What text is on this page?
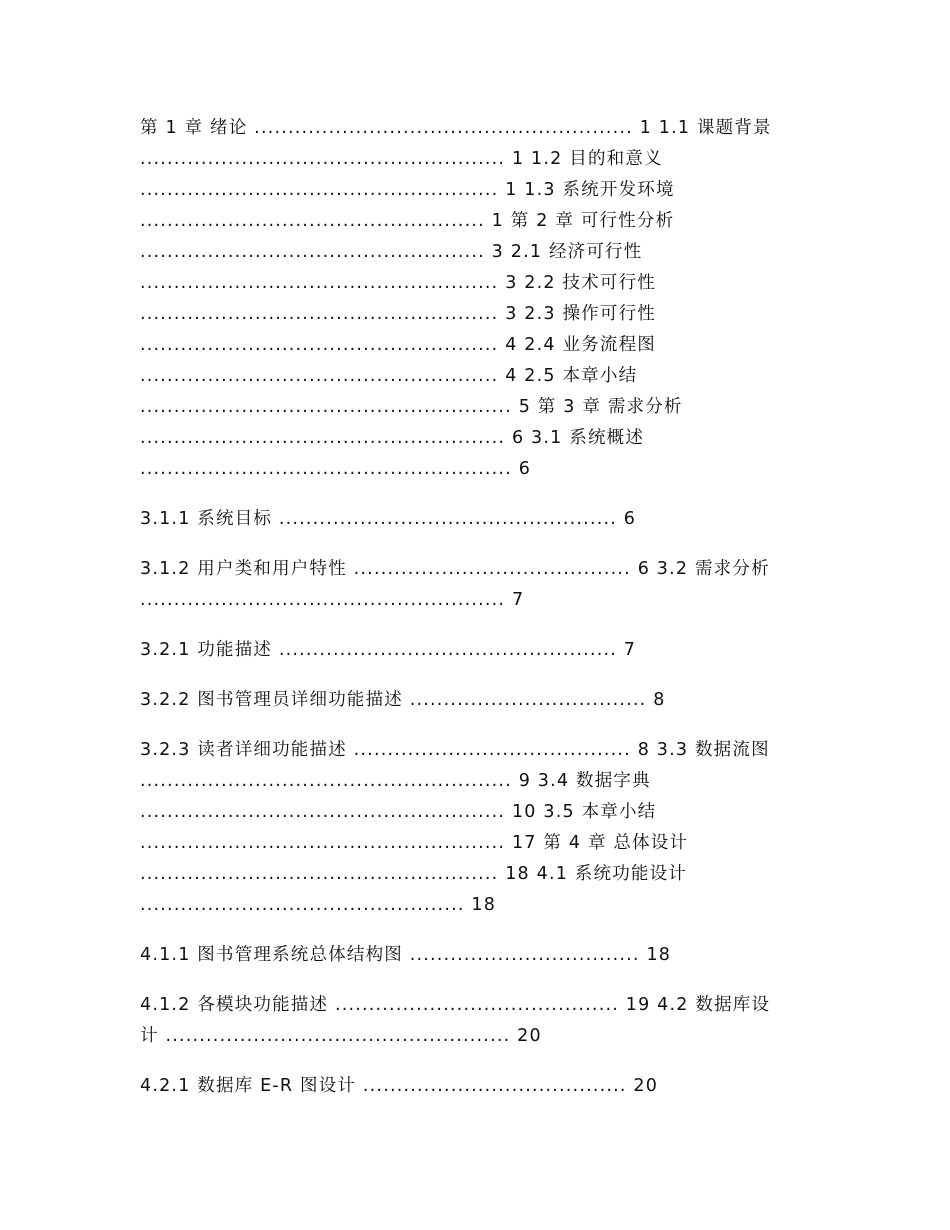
第 1 章 绪论 ........................................................ 1 1.1 课题背景
...................................................... 1 1.2 目的和意义
..................................................... 1 1.3 系统开发环境
................................................... 1 第 2 章 可行性分析
................................................... 3 2.1 经济可行性
..................................................... 3 2.2 技术可行性
..................................................... 3 2.3 操作可行性
..................................................... 4 2.4 业务流程图
..................................................... 4 2.5 本章小结
....................................................... 5 第 3 章 需求分析
...................................................... 6 3.1 系统概述
....................................................... 6

3.1.1 系统目标 .................................................. 6

3.1.2 用户类和用户特性 ......................................... 6 3.2 需求分析
...................................................... 7

3.2.1 功能描述 .................................................. 7

3.2.2 图书管理员详细功能描述 ................................... 8

3.2.3 读者详细功能描述 ......................................... 8 3.3 数据流图
....................................................... 9 3.4 数据字典
...................................................... 10 3.5 本章小结
...................................................... 17 第 4 章 总体设计
..................................................... 18 4.1 系统功能设计
................................................ 18

4.1.1 图书管理系统总体结构图 .................................. 18

4.1.2 各模块功能描述 .......................................... 19 4.2 数据库设
计 ................................................... 20

4.2.1 数据库 E-R 图设计 ....................................... 20
